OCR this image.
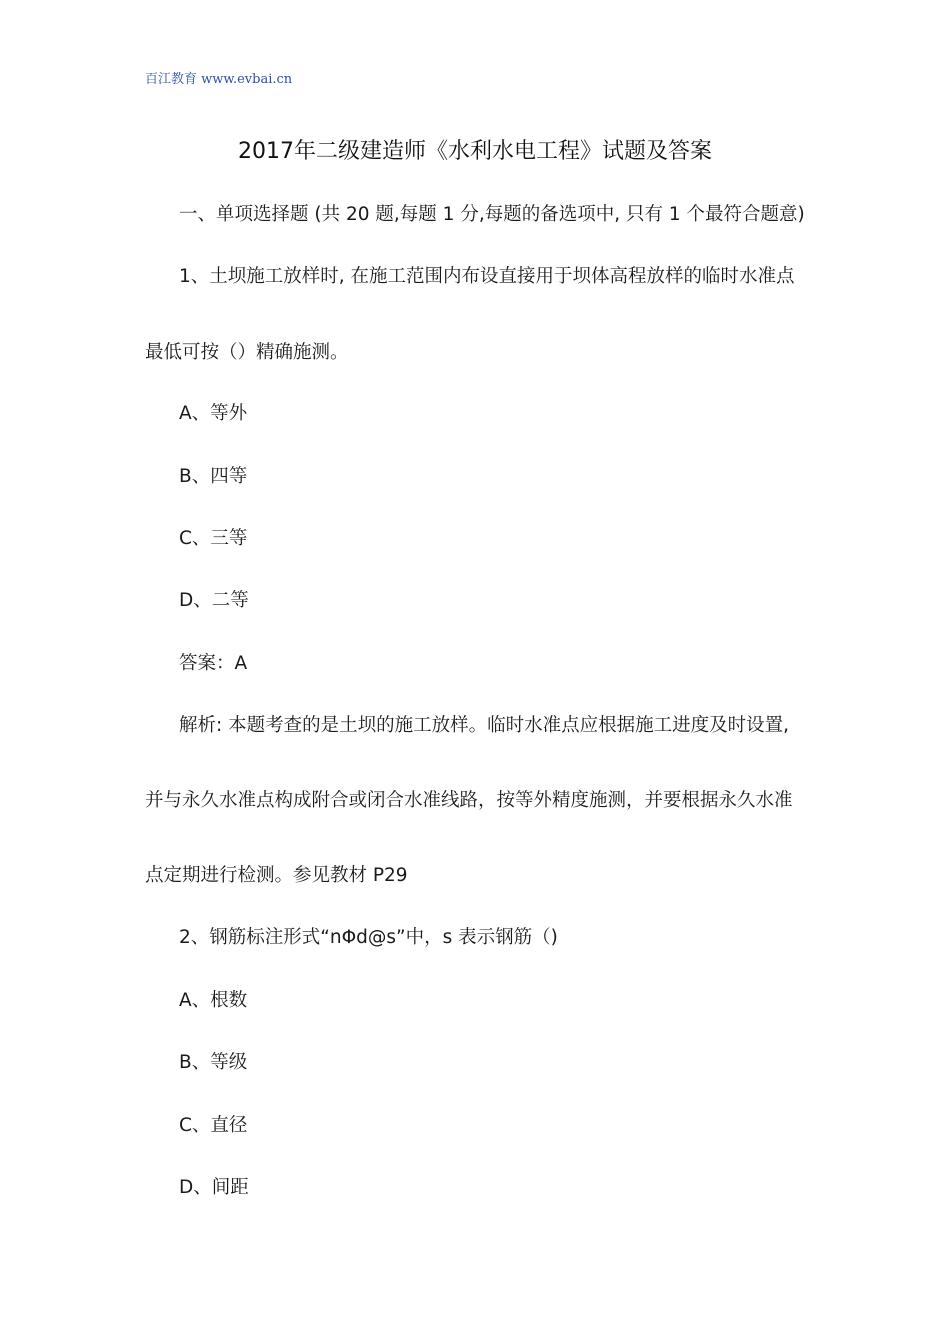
百江教育 www.evbai.cn
2017年二级建造师《水利水电工程》试题及答案
一、单项选择题 (共 20 题,每题 1 分,每题的备选项中, 只有 1 个最符合题意)
1、土坝施工放样时, 在施工范围内布设直接用于坝体高程放样的临时水准点
最低可按（）精确施测。
A、等外
B、四等
C、三等
D、二等
答案：A
解析: 本题考查的是土坝的施工放样。临时水准点应根据施工进度及时设置,
并与永久水准点构成附合或闭合水准线路，按等外精度施测，并要根据永久水准
点定期进行检测。参见教材 P29
2、钢筋标注形式“nΦd@s”中，s 表示钢筋（)
A、根数
B、等级
C、直径
D、间距
